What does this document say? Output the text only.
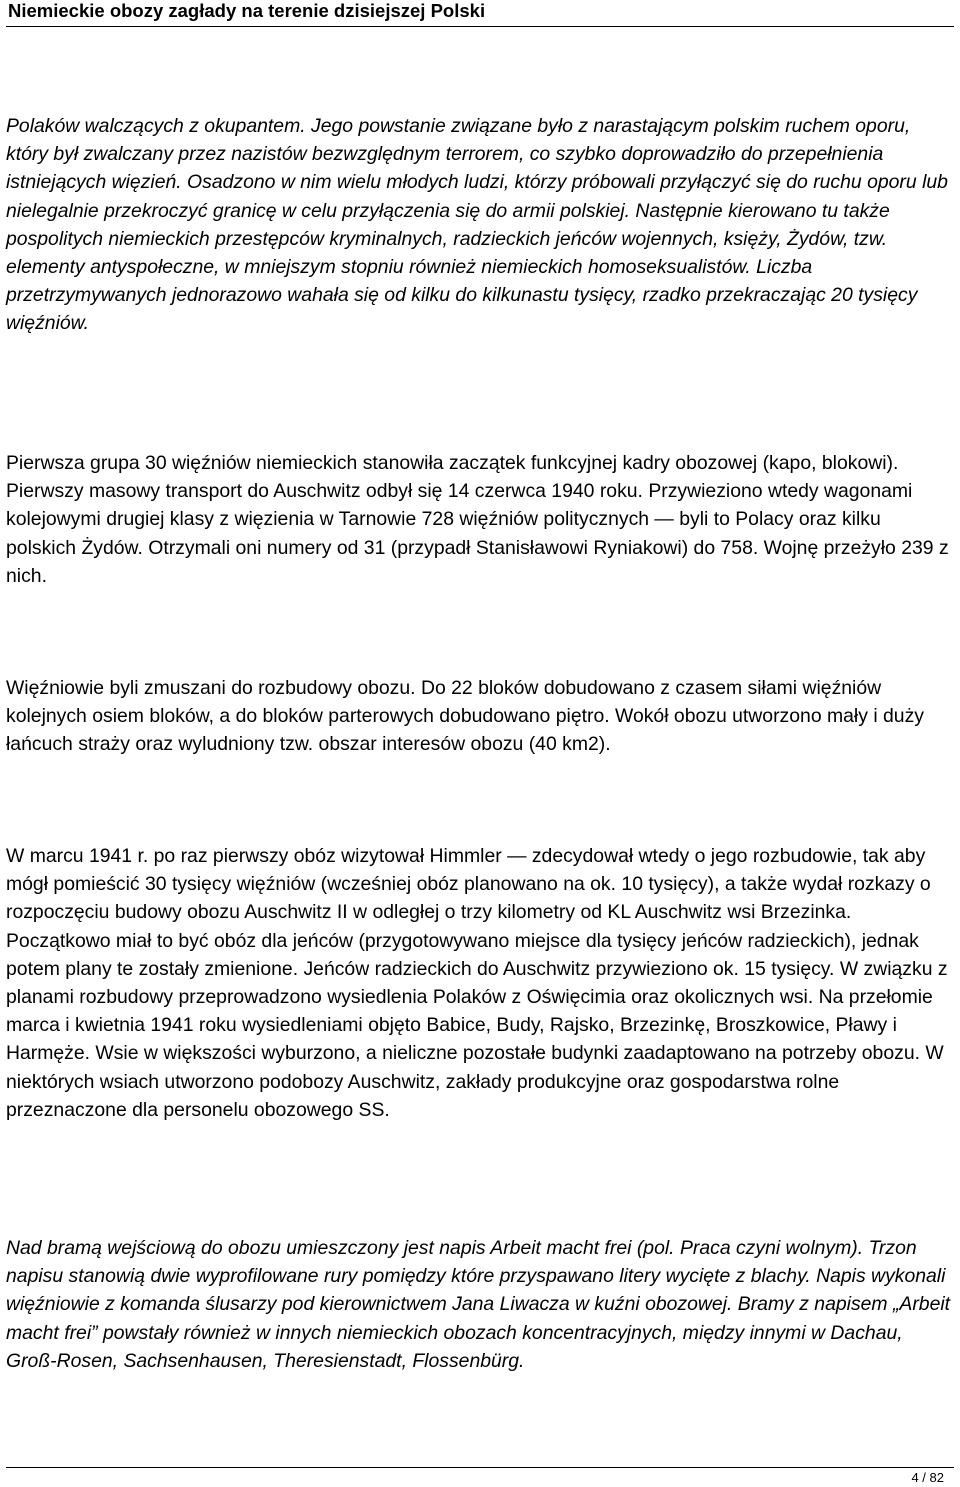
Niemieckie obozy zagłady na terenie dzisiejszej Polski

Polaków walczących z okupantem. Jego powstanie związane było z narastającym polskim ruchem oporu, który był zwalczany przez nazistów bezwzględnym terrorem, co szybko doprowadziło do przepełnienia istniejących więzień. Osadzono w nim wielu młodych ludzi, którzy próbowali przyłączyć się do ruchu oporu lub nielegalnie przekroczyć granicę w celu przyłączenia się do armii polskiej. Następnie kierowano tu także pospolitych niemieckich przestępców kryminalnych, radzieckich jeńców wojennych, księży, Żydów, tzw. elementy antyspołeczne, w mniejszym stopniu również niemieckich homoseksualistów. Liczba przetrzymywanych jednorazowo wahała się od kilku do kilkunastu tysięcy, rzadko przekraczając 20 tysięcy więźniów.

Pierwsza grupa 30 więźniów niemieckich stanowiła zaczątek funkcyjnej kadry obozowej (kapo, blokowi). Pierwszy masowy transport do Auschwitz odbył się 14 czerwca 1940 roku. Przywieziono wtedy wagonami kolejowymi drugiej klasy z więzienia w Tarnowie 728 więźniów politycznych — byli to Polacy oraz kilku polskich Żydów. Otrzymali oni numery od 31 (przypadł Stanisławowi Ryniakowi) do 758. Wojnę przeżyło 239 z nich.

Więźniowie byli zmuszani do rozbudowy obozu. Do 22 bloków dobudowano z czasem siłami więźniów kolejnych osiem bloków, a do bloków parterowych dobudowano piętro. Wokół obozu utworzono mały i duży łańcuch straży oraz wyludniony tzw. obszar interesów obozu (40 km2).

W marcu 1941 r. po raz pierwszy obóz wizytował Himmler — zdecydował wtedy o jego rozbudowie, tak aby mógł pomieścić 30 tysięcy więźniów (wcześniej obóz planowano na ok. 10 tysięcy), a także wydał rozkazy o rozpoczęciu budowy obozu Auschwitz II w odległej o trzy kilometry od KL Auschwitz wsi Brzezinka. Początkowo miał to być obóz dla jeńców (przygotowywano miejsce dla tysięcy jeńców radzieckich), jednak potem plany te zostały zmienione. Jeńców radzieckich do Auschwitz przywieziono ok. 15 tysięcy. W związku z planami rozbudowy przeprowadzono wysiedlenia Polaków z Oświęcimia oraz okolicznych wsi. Na przełomie marca i kwietnia 1941 roku wysiedleniami objęto Babice, Budy, Rajsko, Brzezinkę, Broszkowice, Pławy i Harmęże. Wsie w większości wyburzono, a nieliczne pozostałe budynki zaadaptowano na potrzeby obozu. W niektórych wsiach utworzono podobozy Auschwitz, zakłady produkcyjne oraz gospodarstwa rolne przeznaczone dla personelu obozowego SS.

Nad bramą wejściową do obozu umieszczony jest napis Arbeit macht frei (pol. Praca czyni wolnym). Trzon napisu stanowią dwie wyprofilowane rury pomiędzy które przyspawano litery wycięte z blachy. Napis wykonali więźniowie z komanda ślusarzy pod kierownictwem Jana Liwacza w kuźni obozowej. Bramy z napisem „Arbeit macht frei” powstały również w innych niemieckich obozach koncentracyjnych, między innymi w Dachau, Groß-Rosen, Sachsenhausen, Theresienstadt, Flossenbürg.

4 / 82
